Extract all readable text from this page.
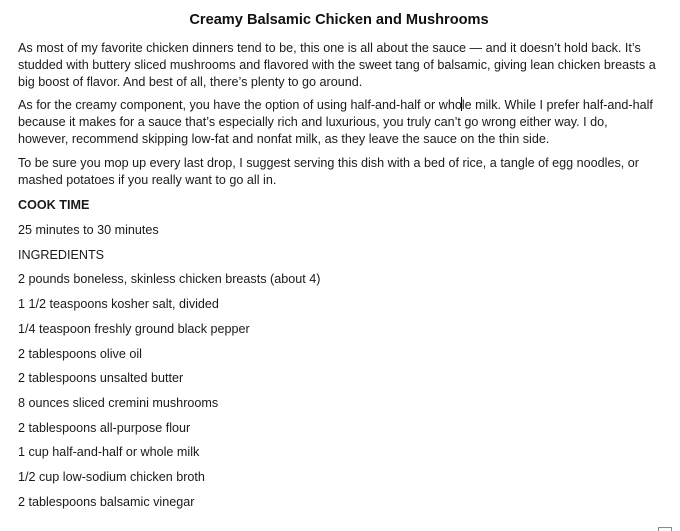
Creamy Balsamic Chicken and Mushrooms

As most of my favorite chicken dinners tend to be, this one is all about the sauce — and it doesn’t hold back. It’s studded with buttery sliced mushrooms and flavored with the sweet tang of balsamic, giving lean chicken breasts a big boost of flavor. And best of all, there’s plenty to go around.

As for the creamy component, you have the option of using half-and-half or whole milk. While I prefer half-and-half because it makes for a sauce that’s especially rich and luxurious, you truly can’t go wrong either way. I do, however, recommend skipping low-fat and nonfat milk, as they leave the sauce on the thin side.

To be sure you mop up every last drop, I suggest serving this dish with a bed of rice, a tangle of egg noodles, or mashed potatoes if you really want to go all in.

COOK TIME
25 minutes to 30 minutes
INGREDIENTS
2 pounds boneless, skinless chicken breasts (about 4)
1 1/2 teaspoons kosher salt, divided
1/4 teaspoon freshly ground black pepper
2 tablespoons olive oil
2 tablespoons unsalted butter
8 ounces sliced cremini mushrooms
2 tablespoons all-purpose flour
1 cup half-and-half or whole milk
1/2 cup low-sodium chicken broth
2 tablespoons balsamic vinegar
